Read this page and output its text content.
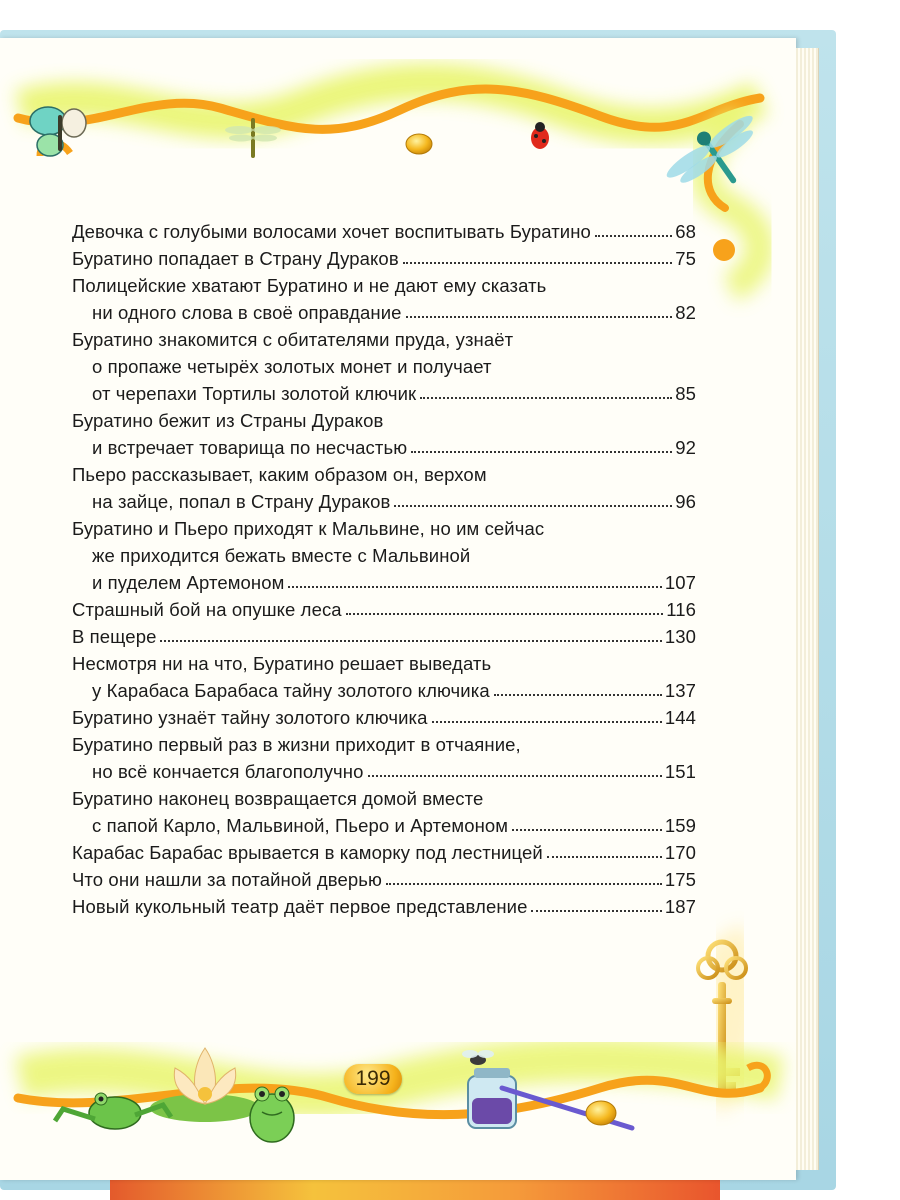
Девочка с голубыми волосами хочет воспитывать Буратино	68
Буратино попадает в Страну Дураков	75
Полицейские хватают Буратино и не дают ему сказать
ни одного слова в своё оправдание	82
Буратино знакомится с обитателями пруда, узнаёт
о пропаже четырёх золотых монет и получает
от черепахи Тортилы золотой ключик	85
Буратино бежит из Страны Дураков
и встречает товарища по несчастью	92
Пьеро рассказывает, каким образом он, верхом
на зайце, попал в Страну Дураков	96
Буратино и Пьеро приходят к Мальвине, но им сейчас
же приходится бежать вместе с Мальвиной
и пуделем Артемоном	107
Страшный бой на опушке леса	116
В пещере	130
Несмотря ни на что, Буратино решает выведать
у Карабаса Барабаса тайну золотого ключика	137
Буратино узнаёт тайну золотого ключика	144
Буратино первый раз в жизни приходит в отчаяние,
но всё кончается благополучно	151
Буратино наконец возвращается домой вместе
с папой Карло, Мальвиной, Пьеро и Артемоном	159
Карабас Барабас врывается в каморку под лестницей	170
Что они нашли за потайной дверью	175
Новый кукольный театр даёт первое представление	187
199
